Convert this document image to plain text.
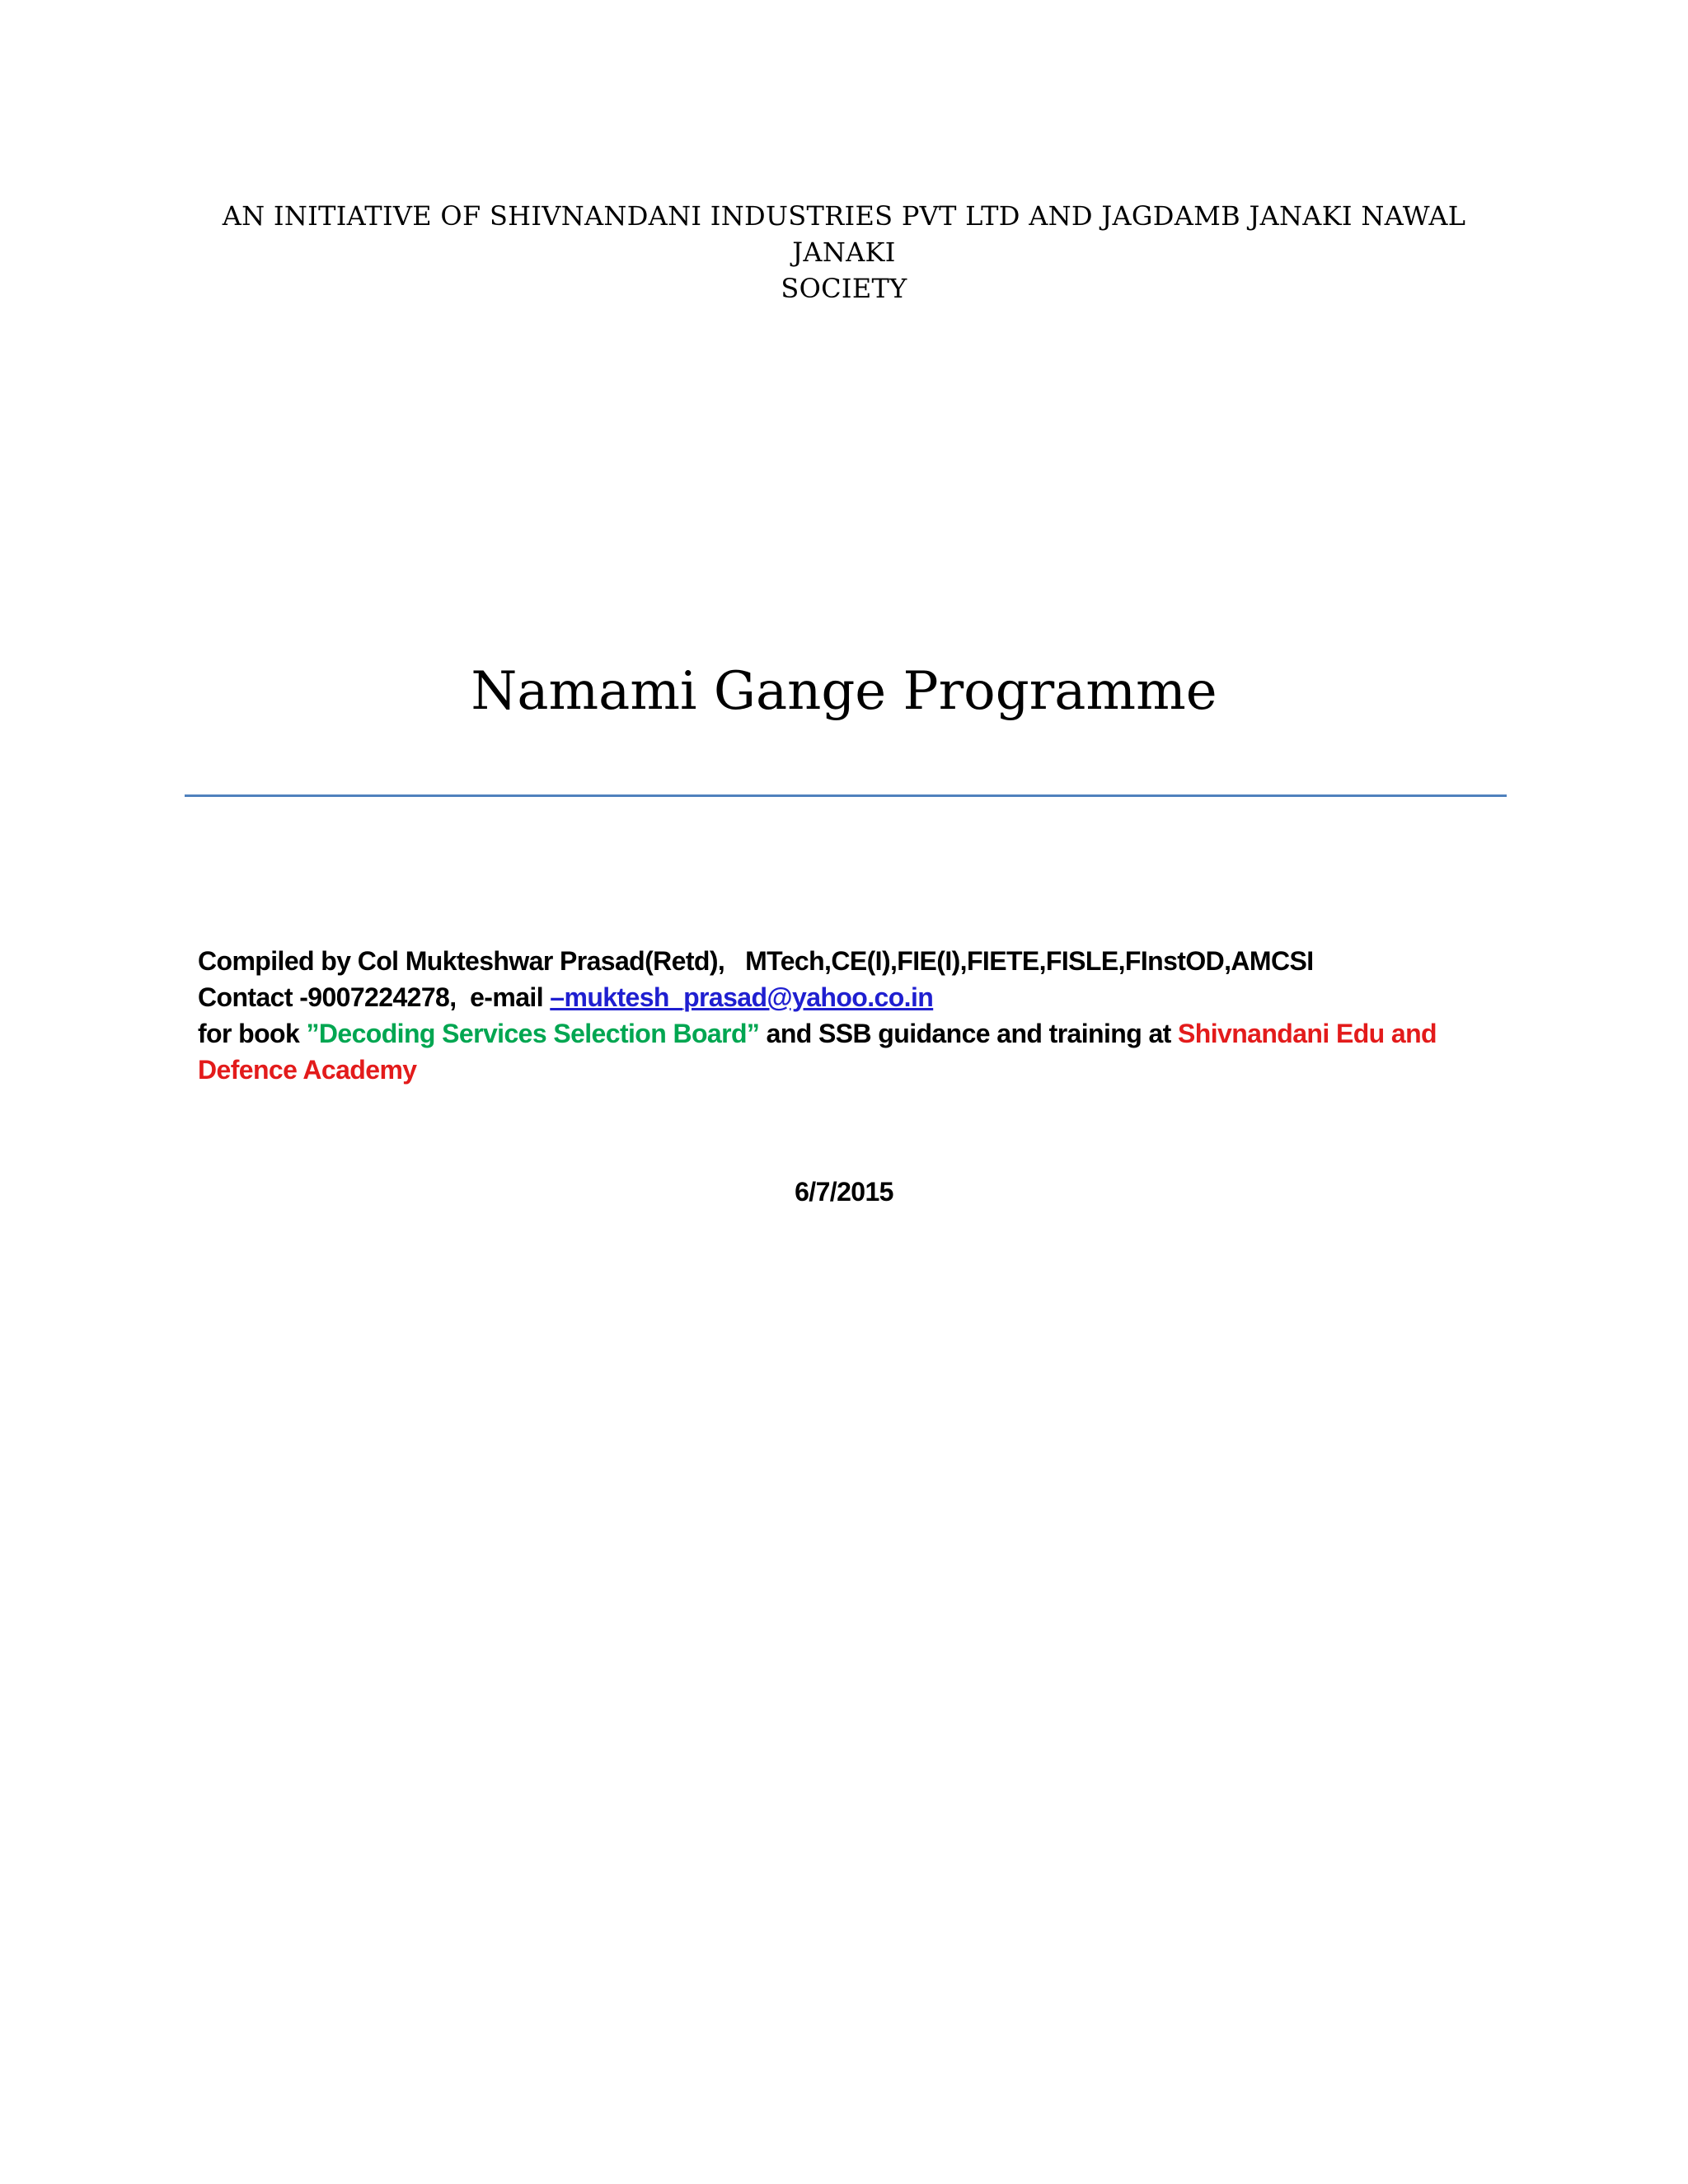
AN INITIATIVE OF SHIVNANDANI INDUSTRIES PVT LTD AND JAGDAMB JANAKI NAWAL JANAKI
SOCIETY
Namami Gange Programme
Compiled by Col Mukteshwar Prasad(Retd),   MTech,CE(I),FIE(I),FIETE,FISLE,FInstOD,AMCSI
Contact -9007224278,  e-mail –muktesh_prasad@yahoo.co.in
for book ”Decoding Services Selection Board” and SSB guidance and training at Shivnandani Edu and Defence Academy
6/7/2015
